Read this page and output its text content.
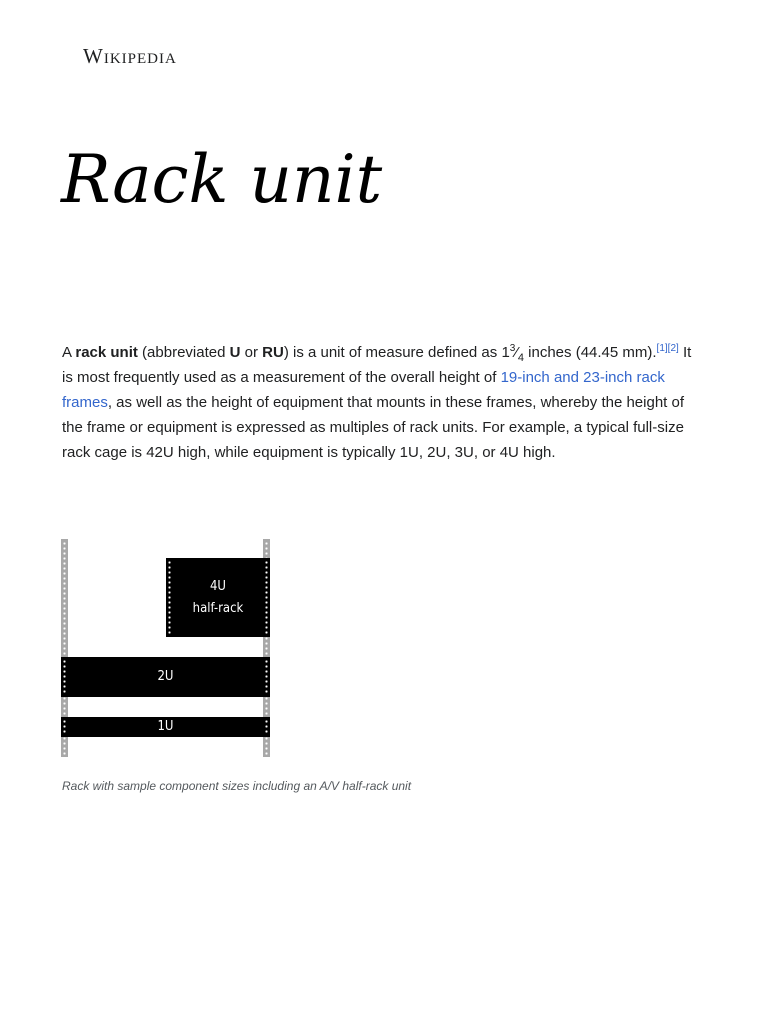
Wikipedia
Rack unit

A rack unit (abbreviated U or RU) is a unit of measure defined as $1^3⁄_4$ inches (44.45 mm).[1][2] It is most frequently used as a measurement of the overall height of 19-inch and 23-inch rack frames, as well as the height of equipment that mounts in these frames, whereby the height of the frame or equipment is expressed as multiples of rack units. For example, a typical full-size rack cage is 42U high, while equipment is typically 1U, 2U, 3U, or 4U high.

4U
half-rack
2U
1U
Rack with sample component sizes including an A/V half-rack unit
